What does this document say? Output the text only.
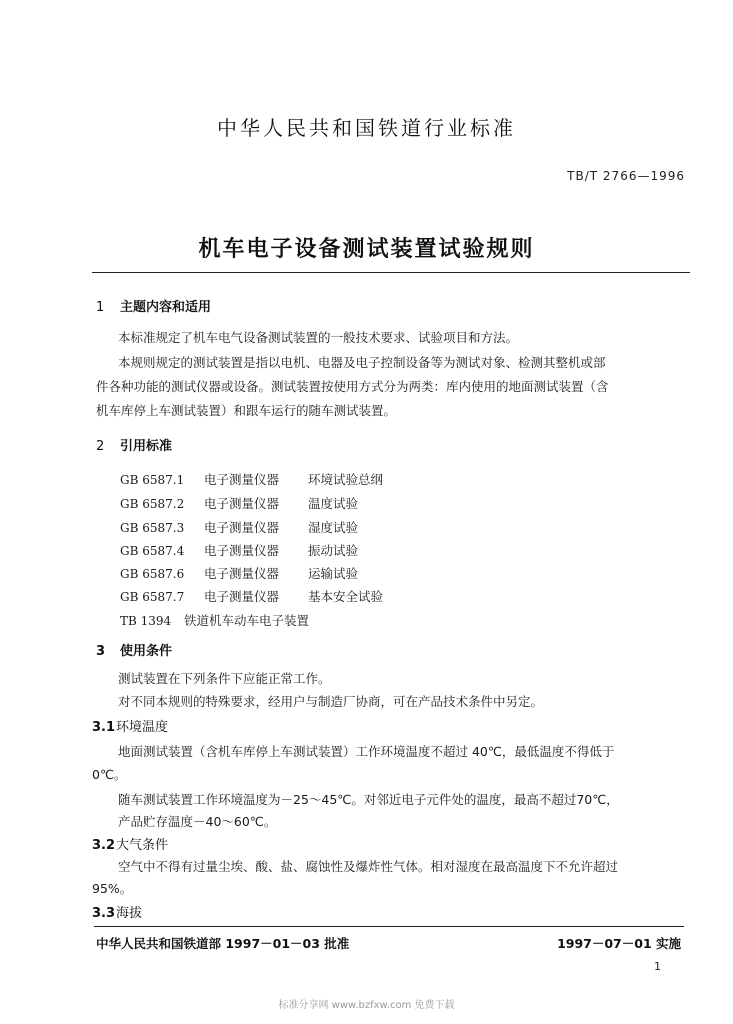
中华人民共和国铁道行业标准
TB/T 2766—1996
机车电子设备测试装置试验规则
1 主题内容和适用
本标准规定了机车电气设备测试装置的一般技术要求、试验项目和方法。
本规则规定的测试装置是指以电机、电器及电子控制设备等为测试对象、检测其整机或部
件各种功能的测试仪器或设备。测试装置按使用方式分为两类：库内使用的地面测试装置（含
机车库停上车测试装置）和跟车运行的随车测试装置。
2 引用标准
GB 6587.1 电子测量仪器 环境试验总纲
GB 6587.2 电子测量仪器 温度试验
GB 6587.3 电子测量仪器 湿度试验
GB 6587.4 电子测量仪器 振动试验
GB 6587.6 电子测量仪器 运输试验
GB 6587.7 电子测量仪器 基本安全试验
TB 1394 铁道机车动车电子装置
3 使用条件
测试装置在下列条件下应能正常工作。
对不同本规则的特殊要求，经用户与制造厂协商，可在产品技术条件中另定。
3.1环境温度
地面测试装置（含机车库停上车测试装置）工作环境温度不超过 40℃，最低温度不得低于
0℃。
随车测试装置工作环境温度为－25～45℃。对邻近电子元件处的温度，最高不超过70℃，
产品贮存温度－40～60℃。
3.2大气条件
空气中不得有过量尘埃、酸、盐、腐蚀性及爆炸性气体。相对湿度在最高温度下不允许超过
95%。
3.3海拔
中华人民共和国铁道部 1997－01－03 批准	1997－07－01 实施
1
标准分享网 www.bzfxw.com 免费下载
